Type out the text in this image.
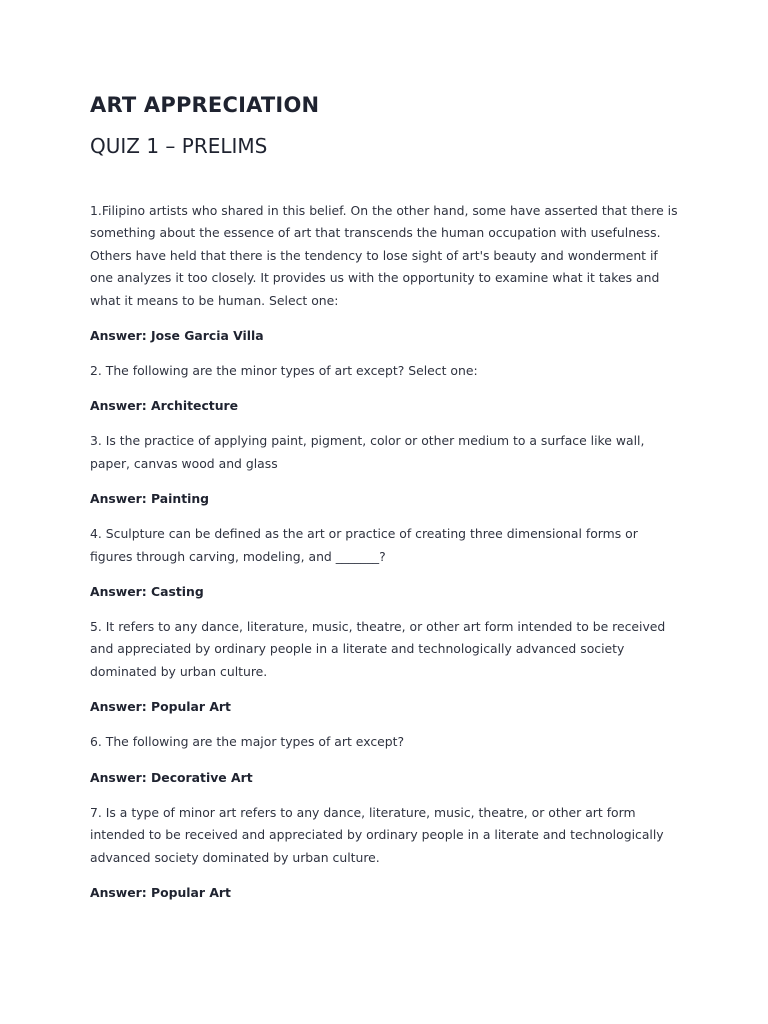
ART APPRECIATION
QUIZ 1 – PRELIMS

1.Filipino artists who shared in this belief. On the other hand, some have asserted that there is something about the essence of art that transcends the human occupation with usefulness. Others have held that there is the tendency to lose sight of art's beauty and wonderment if one analyzes it too closely. It provides us with the opportunity to examine what it takes and what it means to be human. Select one:

Answer: Jose Garcia Villa

2. The following are the minor types of art except? Select one:

Answer: Architecture

3. Is the practice of applying paint, pigment, color or other medium to a surface like wall, paper, canvas wood and glass

Answer: Painting

4. Sculpture can be defined as the art or practice of creating three dimensional forms or figures through carving, modeling, and _______?

Answer: Casting

5. It refers to any dance, literature, music, theatre, or other art form intended to be received and appreciated by ordinary people in a literate and technologically advanced society dominated by urban culture.

Answer: Popular Art

6. The following are the major types of art except?

Answer: Decorative Art

7. Is a type of minor art refers to any dance, literature, music, theatre, or other art form intended to be received and appreciated by ordinary people in a literate and technologically advanced society dominated by urban culture.

Answer: Popular Art
